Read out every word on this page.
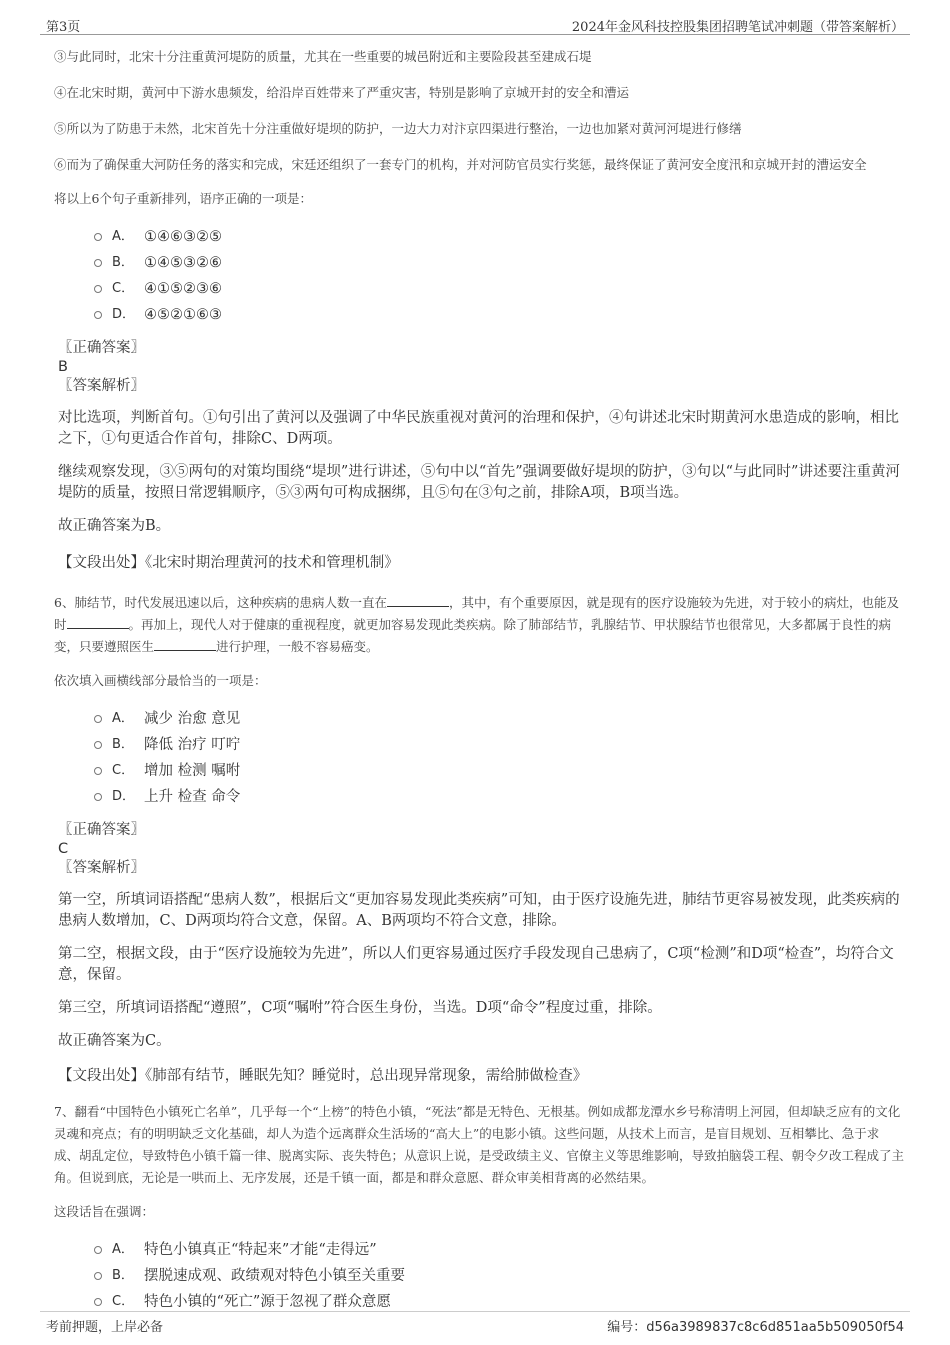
第3页	2024年金风科技控股集团招聘笔试冲刺题（带答案解析）

③与此同时，北宋十分注重黄河堤防的质量，尤其在一些重要的城邑附近和主要险段甚至建成石堤

④在北宋时期，黄河中下游水患频发，给沿岸百姓带来了严重灾害，特别是影响了京城开封的安全和漕运

⑤所以为了防患于未然，北宋首先十分注重做好堤坝的防护，一边大力对汴京四渠进行整治，一边也加紧对黄河河堤进行修缮

⑥而为了确保重大河防任务的落实和完成，宋廷还组织了一套专门的机构，并对河防官员实行奖惩，最终保证了黄河安全度汛和京城开封的漕运安全

将以上6个句子重新排列，语序正确的一项是：

A． ①④⑥③②⑤
B． ①④⑤③②⑥
C． ④①⑤②③⑥
D． ④⑤②①⑥③
〖正确答案〗
B
〖答案解析〗

对比选项，判断首句。①句引出了黄河以及强调了中华民族重视对黄河的治理和保护，④句讲述北宋时期黄河水患造成的影响，相比之下，①句更适合作首句，排除C、D两项。

继续观察发现，③⑤两句的对策均围绕“堤坝”进行讲述，⑤句中以“首先”强调要做好堤坝的防护，③句以“与此同时”讲述要注重黄河堤防的质量，按照日常逻辑顺序，⑤③两句可构成捆绑，且⑤句在③句之前，排除A项，B项当选。

故正确答案为B。

【文段出处】《北宋时期治理黄河的技术和管理机制》

6、肺结节，时代发展迅速以后，这种疾病的患病人数一直在	，其中，有个重要原因，就是现有的医疗设施较为先进，对于较小的病灶，也能及时	。再加上，现代人对于健康的重视程度，就更加容易发现此类疾病。除了肺部结节，乳腺结节、甲状腺结节也很常见，大多都属于良性的病变，只要遵照医生	进行护理，一般不容易癌变。

依次填入画横线部分最恰当的一项是：

A． 减少 治愈 意见
B． 降低 治疗 叮咛
C． 增加 检测 嘱咐
D． 上升 检查 命令
〖正确答案〗
C
〖答案解析〗

第一空，所填词语搭配“患病人数”，根据后文“更加容易发现此类疾病”可知，由于医疗设施先进，肺结节更容易被发现，此类疾病的患病人数增加，C、D两项均符合文意，保留。A、B两项均不符合文意，排除。

第二空，根据文段，由于“医疗设施较为先进”，所以人们更容易通过医疗手段发现自己患病了，C项“检测”和D项“检查”，均符合文意，保留。

第三空，所填词语搭配“遵照”，C项“嘱咐”符合医生身份，当选。D项“命令”程度过重，排除。

故正确答案为C。

【文段出处】《肺部有结节，睡眠先知？睡觉时，总出现异常现象，需给肺做检查》

7、翻看“中国特色小镇死亡名单”，几乎每一个“上榜”的特色小镇，“死法”都是无特色、无根基。例如成都龙潭水乡号称清明上河园，但却缺乏应有的文化灵魂和亮点；有的明明缺乏文化基础，却人为造个远离群众生活场的“高大上”的电影小镇。这些问题，从技术上而言，是盲目规划、互相攀比、急于求成、胡乱定位，导致特色小镇千篇一律、脱离实际、丧失特色；从意识上说，是受政绩主义、官僚主义等思维影响，导致拍脑袋工程、朝令夕改工程成了主角。但说到底，无论是一哄而上、无序发展，还是千镇一面，都是和群众意愿、群众审美相背离的必然结果。

这段话旨在强调：

A． 特色小镇真正“特起来”才能“走得远”
B． 摆脱速成观、政绩观对特色小镇至关重要
C． 特色小镇的“死亡”源于忽视了群众意愿
考前押题，上岸必备	编号：d56a3989837c8c6d851aa5b509050f54
